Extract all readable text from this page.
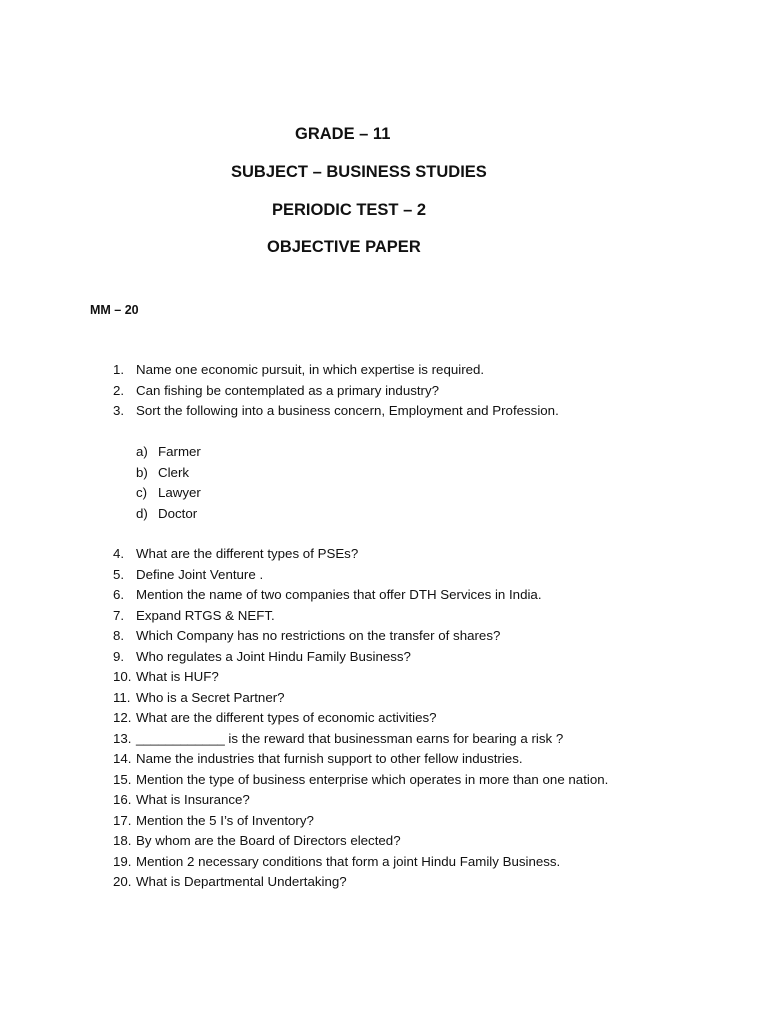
GRADE – 11
SUBJECT – BUSINESS STUDIES
PERIODIC TEST – 2
OBJECTIVE PAPER
MM – 20
1. Name one economic pursuit, in which expertise is required.
2. Can fishing be contemplated as a primary industry?
3. Sort the following into a business concern, Employment and Profession.
a) Farmer
b) Clerk
c) Lawyer
d) Doctor
4. What are the different types of PSEs?
5. Define Joint Venture .
6. Mention the name of two companies that offer DTH Services in India.
7. Expand RTGS & NEFT.
8. Which Company has no restrictions on the transfer of shares?
9. Who regulates a Joint Hindu Family Business?
10. What is HUF?
11. Who is a Secret Partner?
12. What are the different types of economic activities?
13. ____________ is the reward that businessman earns for bearing a risk ?
14. Name the industries that furnish support to other fellow industries.
15. Mention the type of business enterprise which operates in more than one nation.
16. What is Insurance?
17. Mention the 5 I’s of Inventory?
18. By whom are the Board of Directors elected?
19. Mention 2 necessary conditions that form a joint Hindu Family Business.
20. What is Departmental Undertaking?
